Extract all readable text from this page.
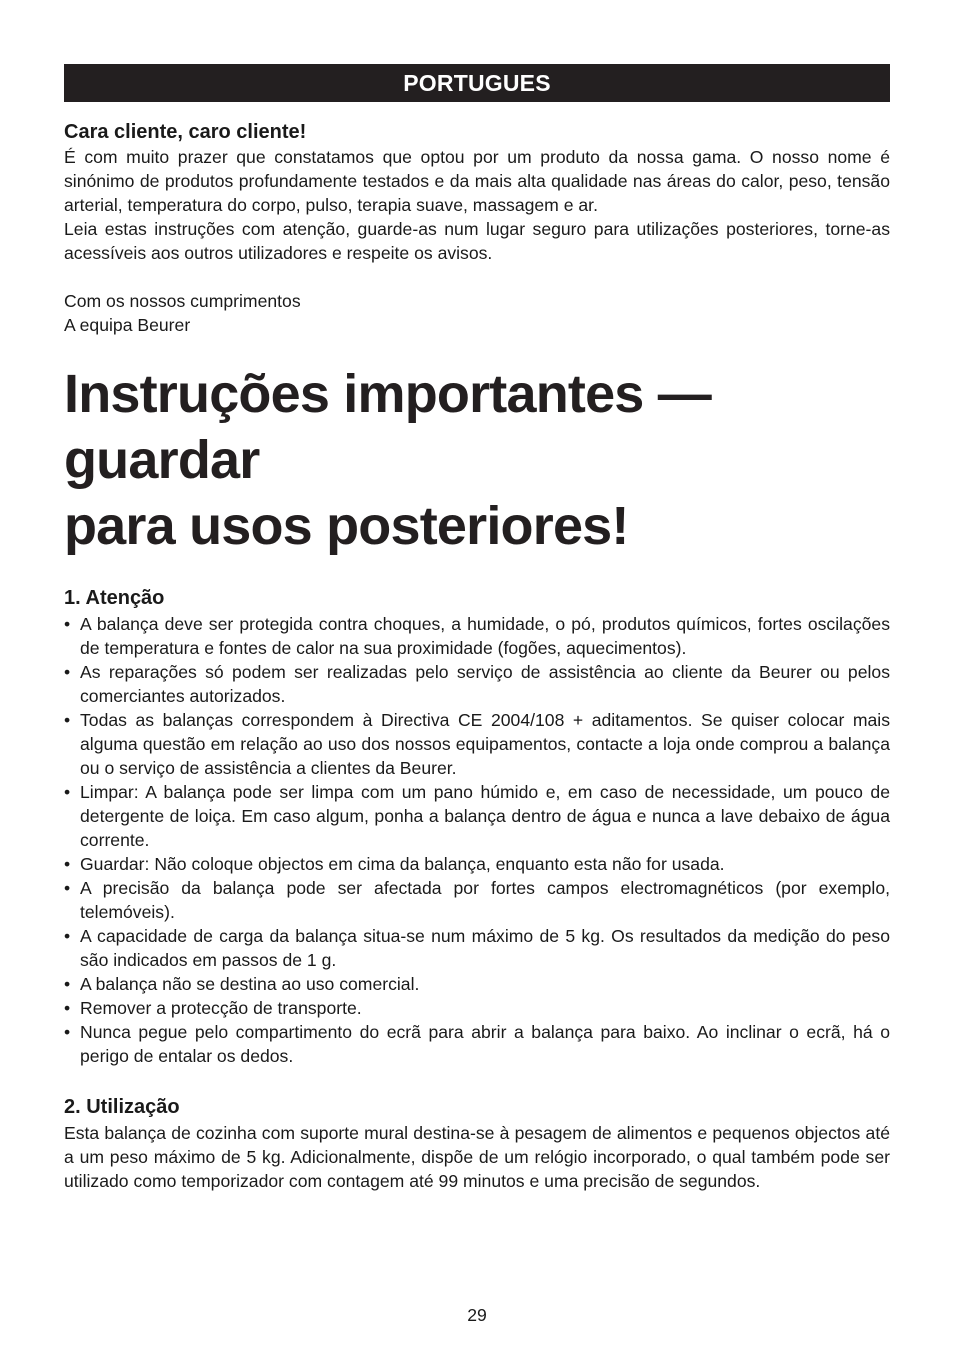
PORTUGUES
Cara cliente, caro cliente!

É com muito prazer que constatamos que optou por um produto da nossa gama. O nosso nome é sinónimo de produtos profundamente testados e da mais alta qualidade nas áreas do calor, peso, tensão arterial, temperatura do corpo, pulso, terapia suave, massagem e ar.

Leia estas instruções com atenção, guarde-as num lugar seguro para utilizações posteriores, torne-as acessíveis aos outros utilizadores e respeite os avisos.

Com os nossos cumprimentos

A equipa Beurer

Instruções importantes — guardar
para usos posteriores!
1. Atenção
• A balança deve ser protegida contra choques, a humidade, o pó, produtos químicos, fortes oscilações de temperatura e fontes de calor na sua proximidade (fogões, aquecimentos).
• As reparações só podem ser realizadas pelo serviço de assistência ao cliente da Beurer ou pelos comerciantes autorizados.
• Todas as balanças correspondem à Directiva CE 2004/108 + aditamentos. Se quiser colocar mais alguma questão em relação ao uso dos nossos equipamentos, contacte a loja onde comprou a balança ou o serviço de assistência a clientes da Beurer.
• Limpar: A balança pode ser limpa com um pano húmido e, em caso de necessidade, um pouco de detergente de loiça. Em caso algum, ponha a balança dentro de água e nunca a lave debaixo de água corrente.
• Guardar: Não coloque objectos em cima da balança, enquanto esta não for usada.
• A precisão da balança pode ser afectada por fortes campos electromagnéticos (por exemplo, telemóveis).
• A capacidade de carga da balança situa-se num máximo de 5 kg. Os resultados da medição do peso são indicados em passos de 1 g.
• A balança não se destina ao uso comercial.
• Remover a protecção de transporte.
• Nunca pegue pelo compartimento do ecrã para abrir a balança para baixo. Ao inclinar o ecrã, há o perigo de entalar os dedos.
2. Utilização

Esta balança de cozinha com suporte mural destina-se à pesagem de alimentos e pequenos objectos até a um peso máximo de 5 kg. Adicionalmente, dispõe de um relógio incorporado, o qual também pode ser utilizado como temporizador com contagem até 99 minutos e uma precisão de segundos.

29
